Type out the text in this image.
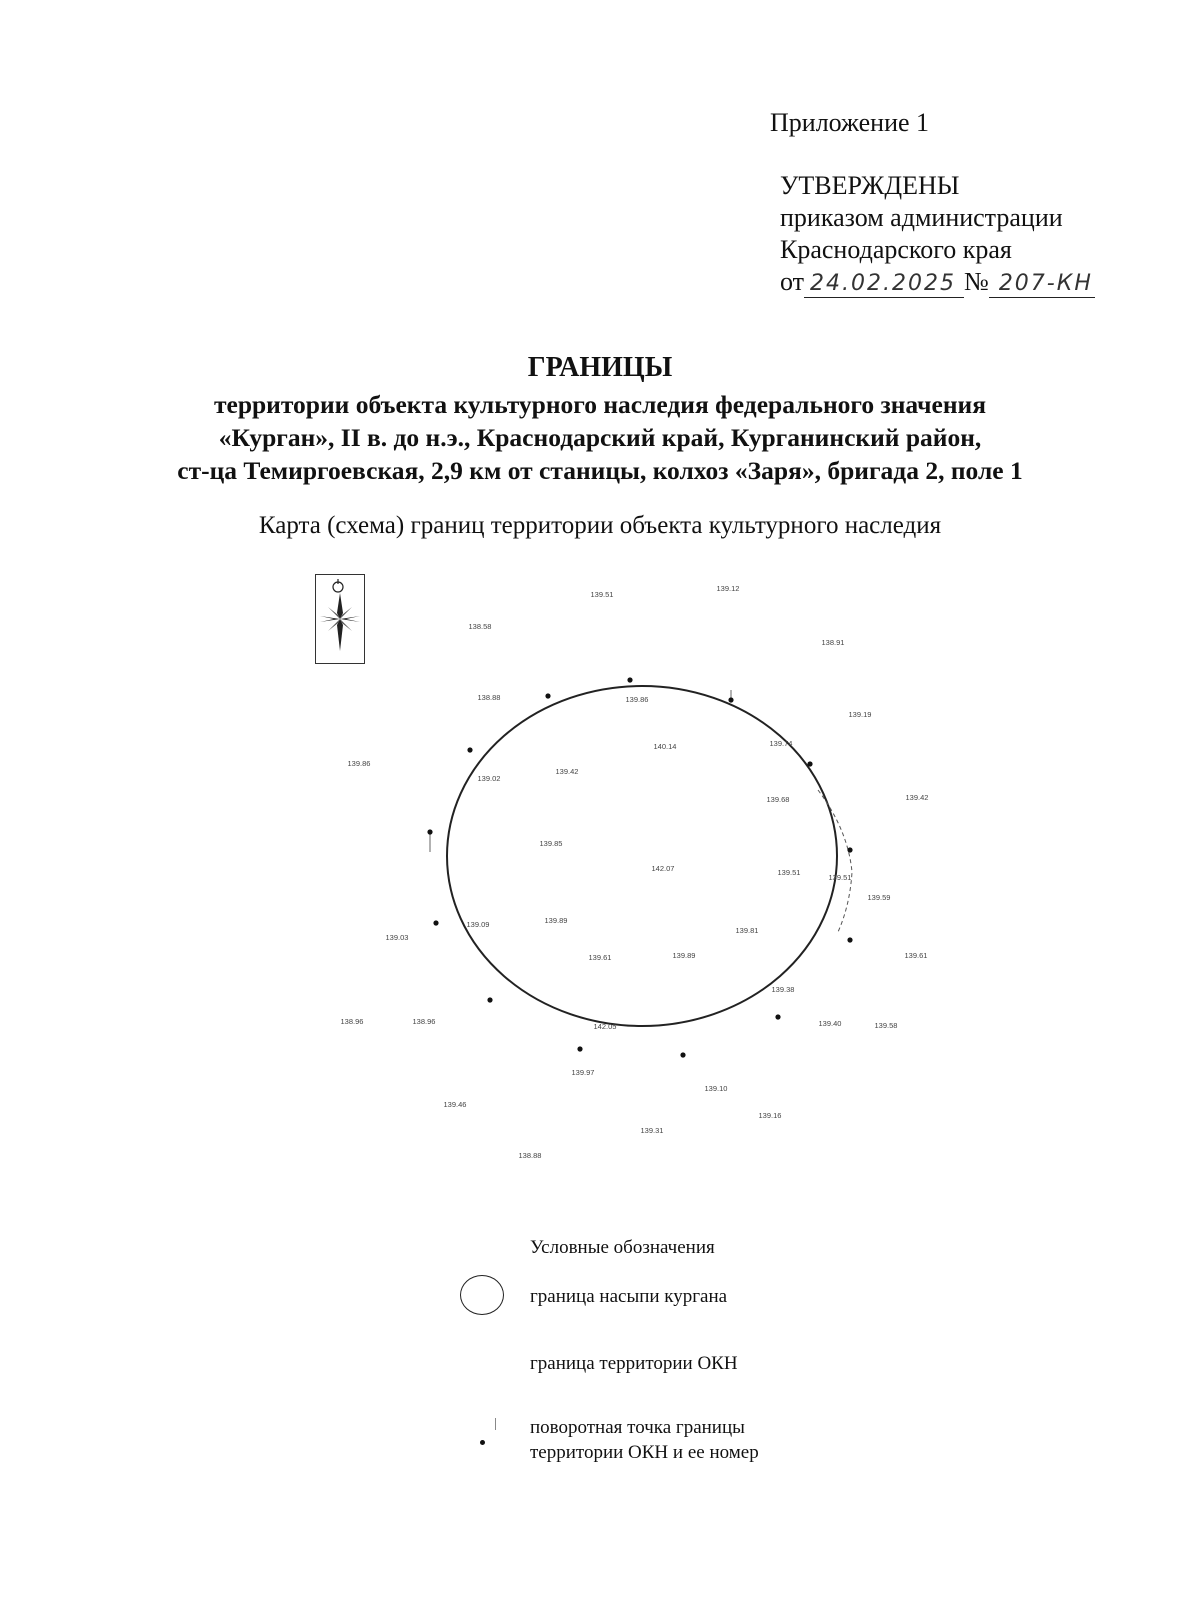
Приложение 1
УТВЕРЖДЕНЫ
приказом администрации
Краснодарского края
от 24.02.2025 № 207-КН
ГРАНИЦЫ
территории объекта культурного наследия федерального значения
«Курган», II в. до н.э., Краснодарский край, Курганинский район,
ст-ца Темиргоевская, 2,9 км от станицы, колхоз «Заря», бригада 2, поле 1
Карта (схема) границ территории объекта культурного наследия
139.51
139.12
138.58
138.91
138.88	139.86
139.19
139.74
140.14
139.86
139.42
139.02
139.68	139.42
139.85
142.07	139.51
139.51
139.59
139.09	139.89
139.81
139.03
139.61	139.89	139.61
139.38
138.96	138.96
142.05	139.40	139.58
139.97
139.10
139.46
139.16
139.31
138.88
Условные обозначения
граница насыпи кургана
граница территории ОКН
поворотная точка границы
территории ОКН и ее номер
